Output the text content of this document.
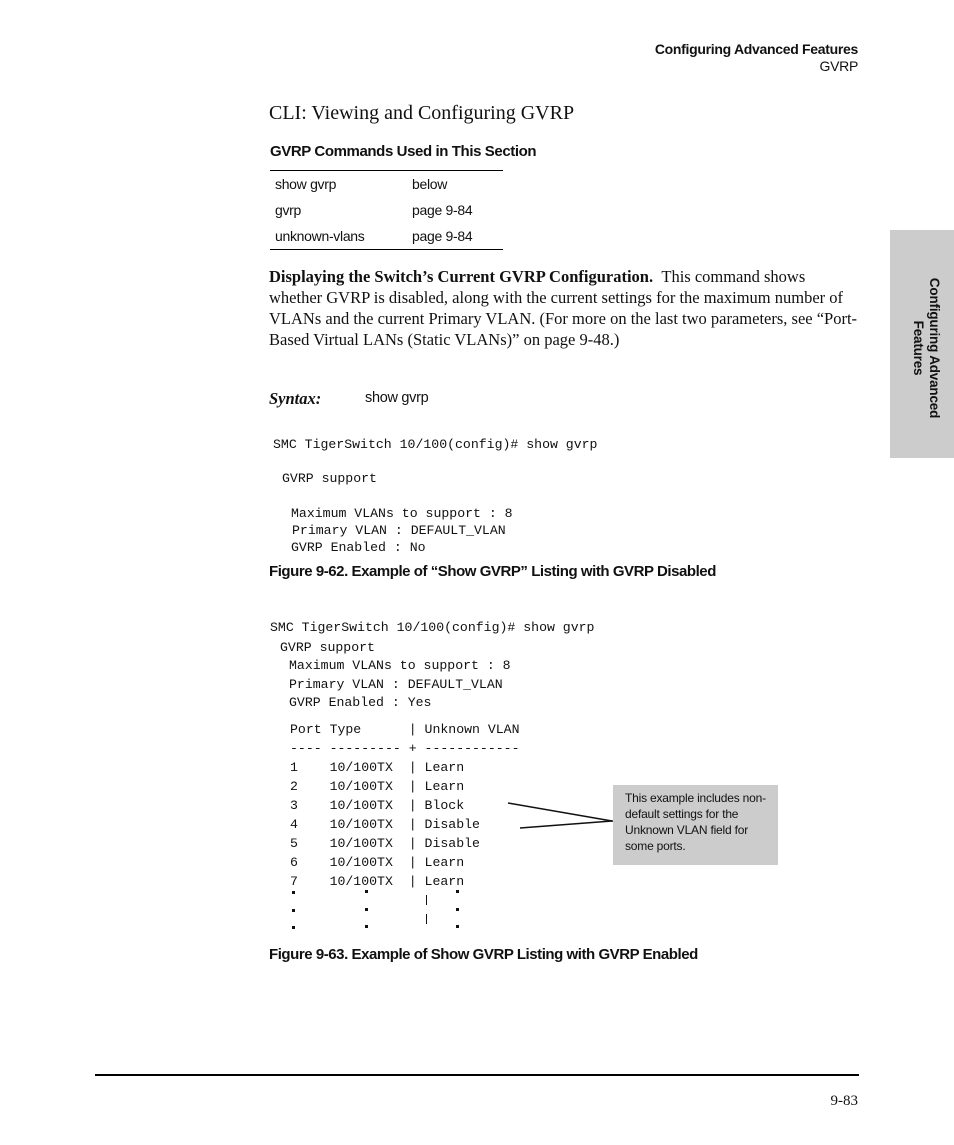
Configuring Advanced Features
GVRP
Configuring Advanced Features
CLI: Viewing and Configuring GVRP
GVRP Commands Used in This Section
show gvrp	below
gvrp	page 9-84
unknown-vlans	page 9-84
Displaying the Switch’s Current GVRP Configuration. This command shows whether GVRP is disabled, along with the current settings for the maximum number of VLANs and the current Primary VLAN. (For more on the last two parameters, see “Port-Based Virtual LANs (Static VLANs)” on page 9-48.)
Syntax:	show gvrp
SMC TigerSwitch 10/100(config)# show gvrp
GVRP support
Maximum VLANs to support : 8
Primary VLAN : DEFAULT_VLAN
GVRP Enabled : No
Figure 9-62. Example of “Show GVRP” Listing with GVRP Disabled
SMC TigerSwitch 10/100(config)# show gvrp
GVRP support
Maximum VLANs to support : 8
Primary VLAN : DEFAULT_VLAN
GVRP Enabled : Yes
Port Type      | Unknown VLAN
---- --------- + ------------
1    10/100TX  | Learn
2    10/100TX  | Learn
3    10/100TX  | Block
4    10/100TX  | Disable
5    10/100TX  | Disable
6    10/100TX  | Learn
7    10/100TX  | Learn
This example includes non-default settings for the Unknown VLAN field for some ports.
Figure 9-63. Example of Show GVRP Listing with GVRP Enabled
9-83
